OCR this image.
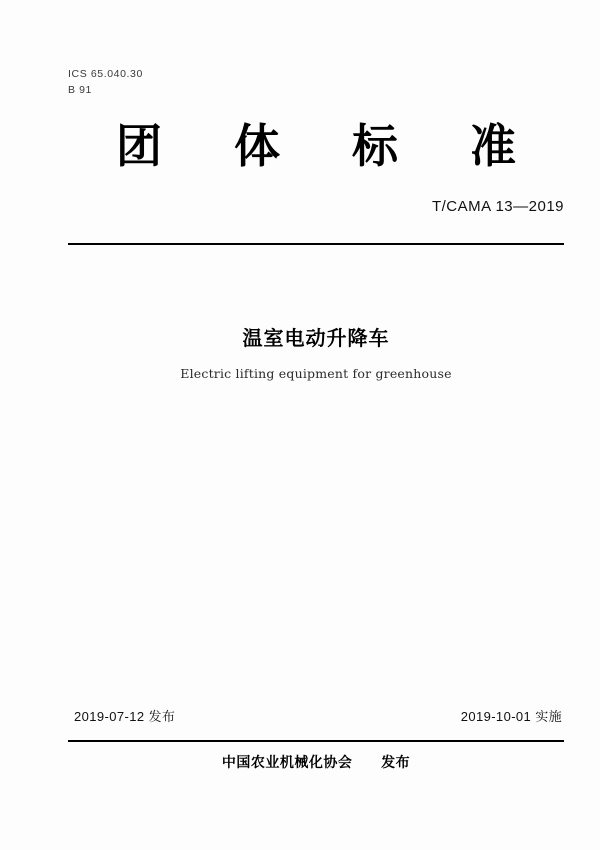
ICS 65.040.30
B 91
团 体 标 准
T/CAMA 13—2019
温室电动升降车
Electric lifting equipment for greenhouse
2019-07-12 发布	2019-10-01 实施
中国农业机械化协会 发布
